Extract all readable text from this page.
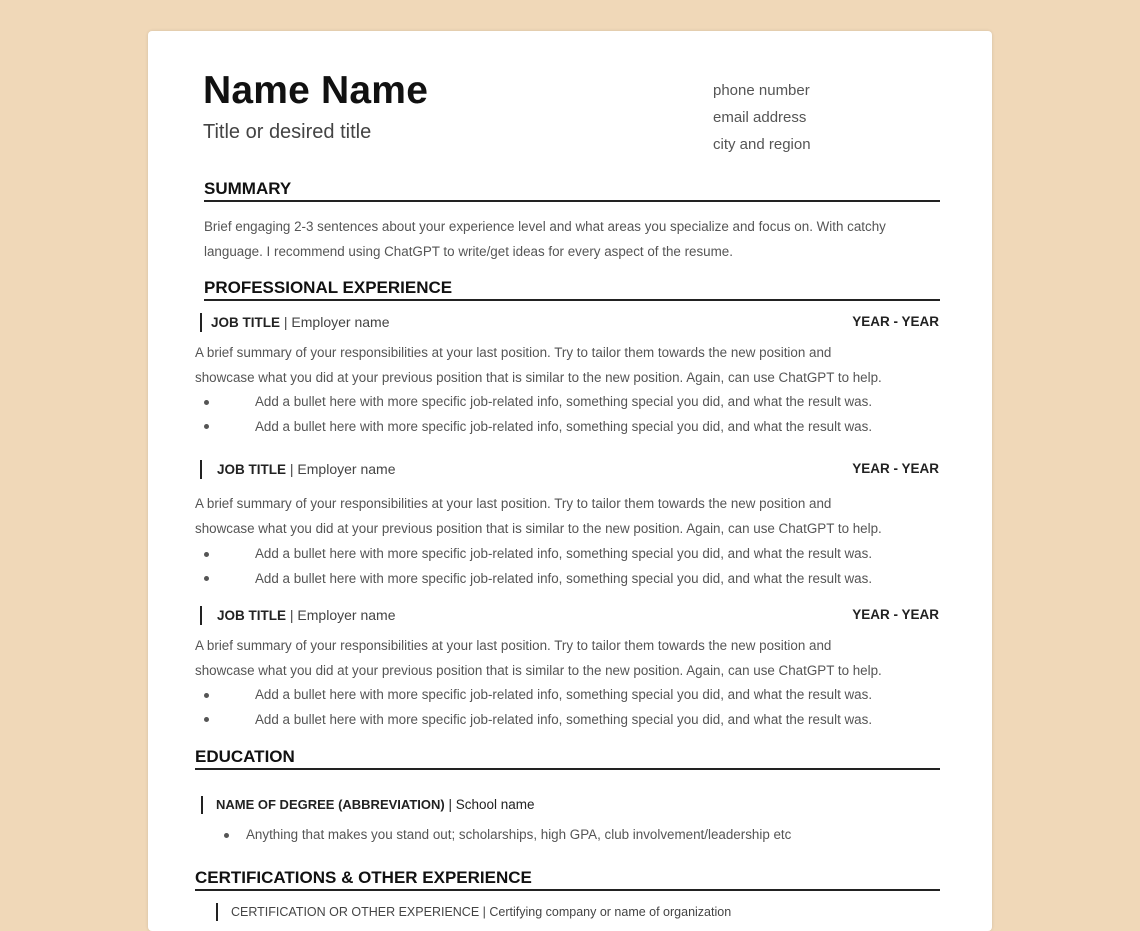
Name Name
Title or desired title
phone number
email address
city and region
SUMMARY
Brief engaging 2-3 sentences about your experience level and what areas you specialize and focus on. With catchy
language. I recommend using ChatGPT to write/get ideas for every aspect of the resume.
PROFESSIONAL EXPERIENCE
JOB TITLE | Employer name	YEAR - YEAR
A brief summary of your responsibilities at your last position. Try to tailor them towards the new position and
showcase what you did at your previous position that is similar to the new position. Again, can use ChatGPT to help.
Add a bullet here with more specific job-related info, something special you did, and what the result was.
Add a bullet here with more specific job-related info, something special you did, and what the result was.
JOB TITLE | Employer name	YEAR - YEAR
A brief summary of your responsibilities at your last position. Try to tailor them towards the new position and
showcase what you did at your previous position that is similar to the new position. Again, can use ChatGPT to help.
Add a bullet here with more specific job-related info, something special you did, and what the result was.
Add a bullet here with more specific job-related info, something special you did, and what the result was.
JOB TITLE | Employer name	YEAR - YEAR
A brief summary of your responsibilities at your last position. Try to tailor them towards the new position and
showcase what you did at your previous position that is similar to the new position. Again, can use ChatGPT to help.
Add a bullet here with more specific job-related info, something special you did, and what the result was.
Add a bullet here with more specific job-related info, something special you did, and what the result was.
EDUCATION
NAME OF DEGREE (ABBREVIATION) | School name
Anything that makes you stand out; scholarships, high GPA, club involvement/leadership etc
CERTIFICATIONS & OTHER EXPERIENCE
CERTIFICATION OR OTHER EXPERIENCE | Certifying company or name of organization
